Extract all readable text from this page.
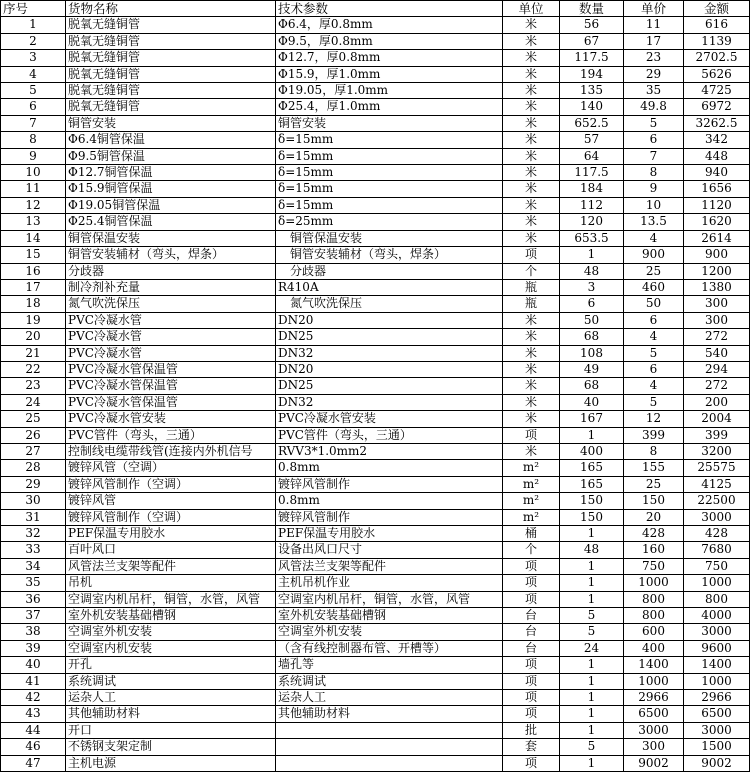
序号	货物名称	技术参数	单位	数量	单价	金额
1	脱氧无缝铜管	Φ6.4，厚0.8mm	米	56	11	616
2	脱氧无缝铜管	Φ9.5，厚0.8mm	米	67	17	1139
3	脱氧无缝铜管	Φ12.7，厚0.8mm	米	117.5	23	2702.5
4	脱氧无缝铜管	Φ15.9，厚1.0mm	米	194	29	5626
5	脱氧无缝铜管	Φ19.05，厚1.0mm	米	135	35	4725
6	脱氧无缝铜管	Φ25.4，厚1.0mm	米	140	49.8	6972
7	铜管安装	铜管安装	米	652.5	5	3262.5
8	Φ6.4铜管保温	δ=15mm	米	57	6	342
9	Φ9.5铜管保温	δ=15mm	米	64	7	448
10	Φ12.7铜管保温	δ=15mm	米	117.5	8	940
11	Φ15.9铜管保温	δ=15mm	米	184	9	1656
12	Φ19.05铜管保温	δ=15mm	米	112	10	1120
13	Φ25.4铜管保温	δ=25mm	米	120	13.5	1620
14	铜管保温安装	铜管保温安装	米	653.5	4	2614
15	铜管安装辅材（弯头，焊条）	铜管安装辅材（弯头，焊条）	项	1	900	900
16	分歧器	分歧器	个	48	25	1200
17	制冷剂补充量	R410A	瓶	3	460	1380
18	氮气吹洗保压	氮气吹洗保压	瓶	6	50	300
19	PVC冷凝水管	DN20	米	50	6	300
20	PVC冷凝水管	DN25	米	68	4	272
21	PVC冷凝水管	DN32	米	108	5	540
22	PVC冷凝水管保温管	DN20	米	49	6	294
23	PVC冷凝水管保温管	DN25	米	68	4	272
24	PVC冷凝水管保温管	DN32	米	40	5	200
25	PVC冷凝水管安装	PVC冷凝水管安装	米	167	12	2004
26	PVC管件（弯头，三通）	PVC管件（弯头，三通）	项	1	399	399
27	控制线电缆带线管(连接内外机信号	RVV3*1.0mm2	米	400	8	3200
28	镀锌风管（空调）	0.8mm	m²	165	155	25575
29	镀锌风管制作（空调）	镀锌风管制作	m²	165	25	4125
30	镀锌风管	0.8mm	m²	150	150	22500
31	镀锌风管制作（空调）	镀锌风管制作	m²	150	20	3000
32	PEF保温专用胶水	PEF保温专用胶水	桶	1	428	428
33	百叶风口	设备出风口尺寸	个	48	160	7680
34	风管法兰支架等配件	风管法兰支架等配件	项	1	750	750
35	吊机	主机吊机作业	项	1	1000	1000
36	空调室内机吊杆，铜管，水管，风管	空调室内机吊杆，铜管，水管，风管	项	1	800	800
37	室外机安装基础槽钢	室外机安装基础槽钢	台	5	800	4000
38	空调室外机安装	空调室外机安装	台	5	600	3000
39	空调室内机安装	（含有线控制器布管、开槽等）	台	24	400	9600
40	开孔	墙孔等	项	1	1400	1400
41	系统调试	系统调试	项	1	1000	1000
42	运杂人工	运杂人工	项	1	2966	2966
43	其他辅助材料	其他辅助材料	项	1	6500	6500
44	开口		批	1	3000	3000
46	不锈钢支架定制		套	5	300	1500
47	主机电源		项	1	9002	9002
